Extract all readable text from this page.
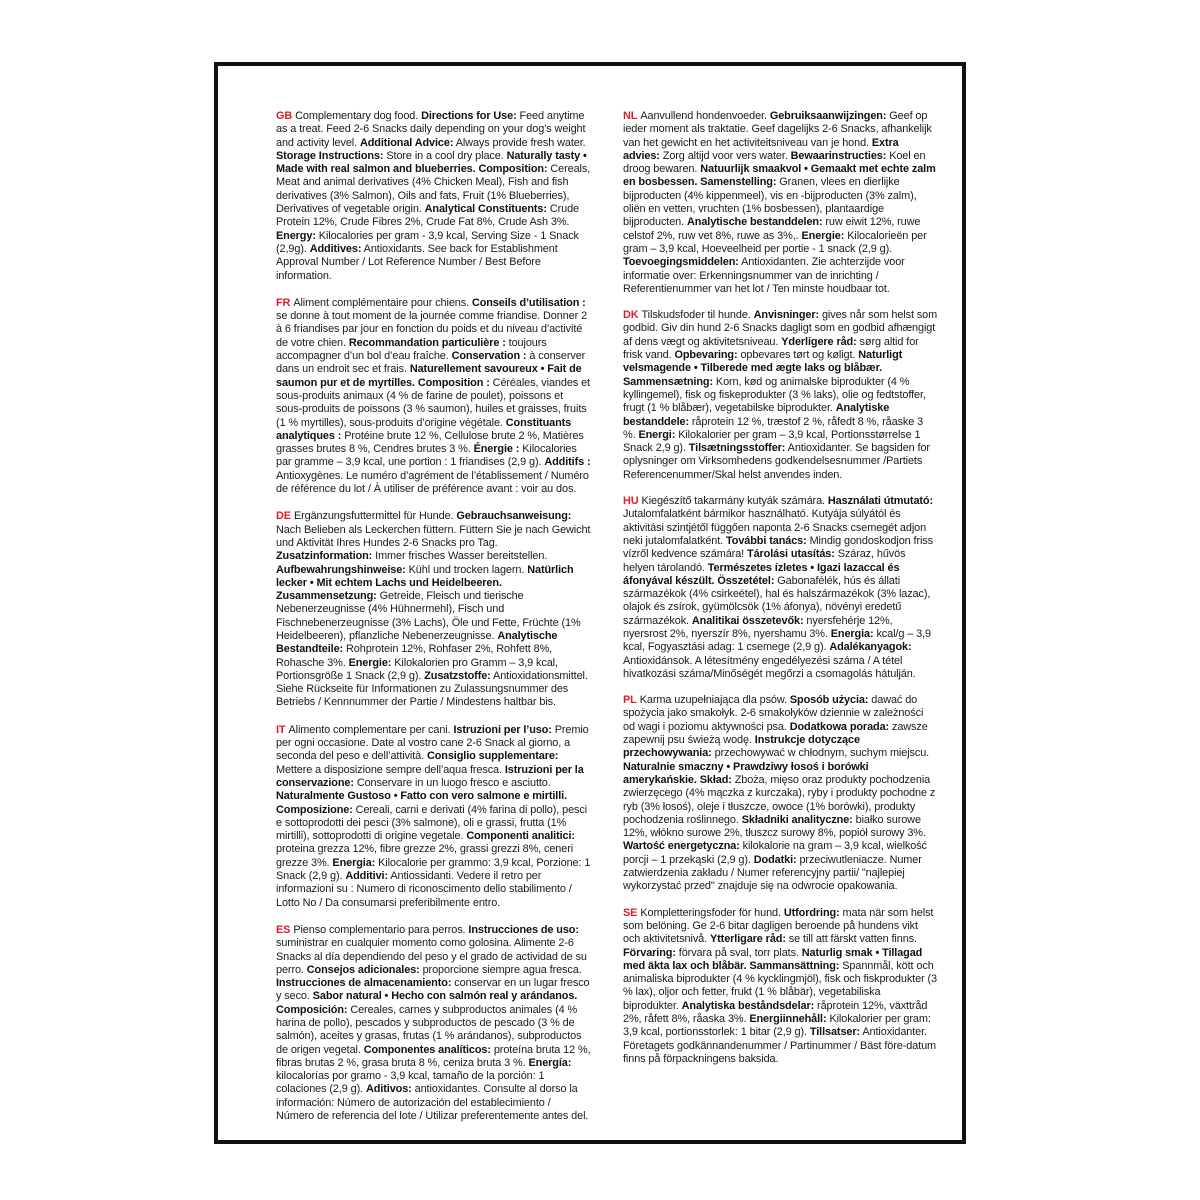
GB Complementary dog food. Directions for Use: Feed anytime as a treat. Feed 2-6 Snacks daily depending on your dog’s weight and activity level. Additional Advice: Always provide fresh water. Storage Instructions: Store in a cool dry place. Naturally tasty • Made with real salmon and blueberries. Composition: Cereals, Meat and animal derivatives (4% Chicken Meal), Fish and fish derivatives (3% Salmon), Oils and fats, Fruit (1% Blueberries), Derivatives of vegetable origin. Analytical Constituents: Crude Protein 12%, Crude Fibres 2%, Crude Fat 8%, Crude Ash 3%. Energy: Kilocalories per gram - 3,9 kcal, Serving Size - 1 Snack (2,9g). Additives: Antioxidants. See back for Establishment Approval Number / Lot Reference Number / Best Before information.

FR Aliment complémentaire pour chiens. Conseils d’utilisation : se donne à tout moment de la journée comme friandise. Donner 2 à 6 friandises par jour en fonction du poids et du niveau d’activité de votre chien. Recommandation particulière : toujours accompagner d’un bol d’eau fraîche. Conservation : à conserver dans un endroit sec et frais. Naturellement savoureux • Fait de saumon pur et de myrtilles. Composition : Céréales, viandes et sous-produits animaux (4 % de farine de poulet), poissons et sous-produits de poissons (3 % saumon), huiles et graisses, fruits (1 % myrtilles), sous-produits d’origine végétale. Constituants analytiques : Protéine brute 12 %, Cellulose brute 2 %, Matières grasses brutes 8 %, Cendres brutes 3 %. Énergie : Kilocalories par gramme – 3,9 kcal, une portion : 1 friandises (2,9 g). Additifs : Antioxygènes. Le numéro d’agrément de l’établissement / Numéro de référence du lot / À utiliser de préférence avant : voir au dos.

DE Ergänzungsfuttermittel für Hunde. Gebrauchsanweisung: Nach Belieben als Leckerchen füttern. Füttern Sie je nach Gewicht und Aktivität Ihres Hundes 2-6 Snacks pro Tag. Zusatzinformation: Immer frisches Wasser bereitstellen. Aufbewahrungshinweise: Kühl und trocken lagern. Natürlich lecker • Mit echtem Lachs und Heidelbeeren. Zusammensetzung: Getreide, Fleisch und tierische Nebenerzeugnisse (4% Hühnermehl), Fisch und Fischnebenerzeugnisse (3% Lachs), Öle und Fette, Früchte (1% Heidelbeeren), pflanzliche Nebenerzeugnisse. Analytische Bestandteile: Rohprotein 12%, Rohfaser 2%, Rohfett 8%, Rohasche 3%. Energie: Kilokalorien pro Gramm – 3,9 kcal, Portionsgröße 1 Snack (2,9 g). Zusatzstoffe: Antioxidationsmittel. Siehe Rückseite für Informationen zu Zulassungsnummer des Betriebs / Kennnummer der Partie / Mindestens haltbar bis.

IT Alimento complementare per cani. Istruzioni per l’uso: Premio per ogni occasione. Date al vostro cane 2-6 Snack al giorno, a seconda del peso e dell’attività. Consiglio supplementare: Mettere a disposizione sempre dell’aqua fresca. Istruzioni per la conservazione: Conservare in un luogo fresco e asciutto. Naturalmente Gustoso • Fatto con vero salmone e mirtilli. Composizione: Cereali, carni e derivati (4% farina di pollo), pesci e sottoprodotti dei pesci (3% salmone), oli e grassi, frutta (1% mirtilli), sottoprodotti di origine vegetale. Componenti analitici: proteina grezza 12%, fibre grezze 2%, grassi grezzi 8%, ceneri grezze 3%. Energia: Kilocalorie per grammo: 3,9 kcal, Porzione: 1 Snack (2,9 g). Additivi: Antiossidanti. Vedere il retro per informazioni su : Numero di riconoscimento dello stabilimento / Lotto No / Da consumarsi preferibilmente entro.

ES Pienso complementario para perros. Instrucciones de uso: suministrar en cualquier momento como golosina. Alimente 2-6 Snacks al día dependiendo del peso y el grado de actividad de su perro. Consejos adicionales: proporcione siempre agua fresca. Instrucciones de almacenamiento: conservar en un lugar fresco y seco. Sabor natural • Hecho con salmón real y arándanos. Composición: Cereales, carnes y subproductos animales (4 % harina de pollo), pescados y subproductos de pescado (3 % de salmón), aceites y grasas, frutas (1 % arándanos), subproductos de origen vegetal. Componentes analíticos: proteína bruta 12 %, fibras brutas 2 %, grasa bruta 8 %, ceniza bruta 3 %. Energía: kilocalorías por gramo - 3,9 kcal, tamaño de la porción: 1 colaciones (2,9 g). Aditivos: antioxidantes. Consulte al dorso la información: Número de autorización del establecimiento / Número de referencia del lote / Utilizar preferentemente antes del.

NL Aanvullend hondenvoeder. Gebruiksaanwijzingen: Geef op ieder moment als traktatie. Geef dagelijks 2-6 Snacks, afhankelijk van het gewicht en het activiteitsniveau van je hond. Extra advies: Zorg altijd voor vers water. Bewaarinstructies: Koel en droog bewaren. Natuurlijk smaakvol • Gemaakt met echte zalm en bosbessen. Samenstelling: Granen, vlees en dierlijke bijproducten (4% kippenmeel), vis en -bijproducten (3% zalm), oliën en vetten, vruchten (1% bosbessen), plantaardige bijproducten. Analytische bestanddelen: ruw eiwit 12%, ruwe celstof 2%, ruw vet 8%, ruwe as 3%,. Energie: Kilocalorieën per gram – 3,9 kcal, Hoeveelheid per portie - 1 snack (2,9 g). Toevoegingsmiddelen: Antioxidanten. Zie achterzijde voor informatie over: Erkenningsnummer van de inrichting / Referentienummer van het lot / Ten minste houdbaar tot.

DK Tilskudsfoder til hunde. Anvisninger: gives når som helst som godbid. Giv din hund 2-6 Snacks dagligt som en godbid afhængigt af dens vægt og aktivitetsniveau. Yderligere råd: sørg altid for frisk vand. Opbevaring: opbevares tørt og køligt. Naturligt velsmagende • Tilberede med ægte laks og blåbær. Sammensætning: Korn, kød og animalske biprodukter (4 % kyllingemel), fisk og fiskeprodukter (3 % laks), olie og fedtstoffer, frugt (1 % blåbær), vegetabilske biprodukter. Analytiske bestanddele: råprotein 12 %, træstof 2 %, råfedt 8 %, råaske 3 %. Energi: Kilokalorier per gram – 3,9 kcal, Portionsstørrelse 1 Snack 2,9 g). Tilsætningsstoffer: Antioxidanter. Se bagsiden for oplysninger om Virksomhedens godkendelsesnummer /Partiets Referencenummer/Skal helst anvendes inden.

HU Kiegészítő takarmány kutyák számára. Használati útmutató: Jutalomfalatként bármikor használható. Kutyája súlyától és aktivitási szintjétől függően naponta 2-6 Snacks csemegét adjon neki jutalomfalatként. További tanács: Mindig gondoskodjon friss vízről kedvence számára! Tárolási utasítás: Száraz, hűvös helyen tárolandó. Természetes ízletes • Igazi lazaccal és áfonyával készült. Összetétel: Gabonafélék, hús és állati származékok (4% csirkeétel), hal és halszármazékok (3% lazac), olajok és zsírok, gyümölcsök (1% áfonya), növényi eredetű származékok. Analitikai összetevők: nyersfehérje 12%, nyersrost 2%, nyerszír 8%, nyershamu 3%. Energia: kcal/g – 3,9 kcal, Fogyasztási adag: 1 csemege (2,9 g). Adalékanyagok: Antioxidánsok. A létesítmény engedélyezési száma / A tétel hivatkozási száma/Minőségét megőrzi a csomagolás hátulján.

PL Karma uzupełniająca dla psów. Sposób użycia: dawać do spożycia jako smakołyk. 2-6 smakołyków dziennie w zależności od wagi i poziomu aktywności psa. Dodatkowa porada: zawsze zapewnij psu świeżą wodę. Instrukcje dotyczące przechowywania: przechowywać w chłodnym, suchym miejscu. Naturalnie smaczny • Prawdziwy łosoś i borówki amerykańskie. Skład: Zboża, mięso oraz produkty pochodzenia zwierzęcego (4% mączka z kurczaka), ryby i produkty pochodne z ryb (3% łosoś), oleje i tłuszcze, owoce (1% borówki), produkty pochodzenia roślinnego. Składniki analityczne: białko surowe 12%, włókno surowe 2%, tłuszcz surowy 8%, popiół surowy 3%. Wartość energetyczna: kilokalorie na gram – 3,9 kcal, wielkość porcji – 1 przekąski (2,9 g). Dodatki: przeciwutleniacze. Numer zatwierdzenia zakładu / Numer referencyjny partii/ "najlepiej wykorzystać przed" znajduje się na odwrocie opakowania.

SE Kompletteringsfoder för hund. Utfordring: mata när som helst som belöning. Ge 2-6 bitar dagligen beroende på hundens vikt och aktivitetsnivå. Ytterligare råd: se till att färskt vatten finns. Förvaring: förvara på sval, torr plats. Naturlig smak • Tillagad med äkta lax och blåbär. Sammansättning: Spannmål, kött och animaliska biprodukter (4 % kycklingmjöl), fisk och fiskprodukter (3 % lax), oljor och fetter, frukt (1 % blåbär), vegetabiliska biprodukter. Analytiska beståndsdelar: råprotein 12%, växttråd 2%, råfett 8%, råaska 3%. Energiinnehåll: Kilokalorier per gram: 3,9 kcal, portionsstorlek: 1 bitar (2,9 g). Tillsatser: Antioxidanter. Företagets godkännandenummer / Partinummer / Bäst före-datum finns på förpackningens baksida.
